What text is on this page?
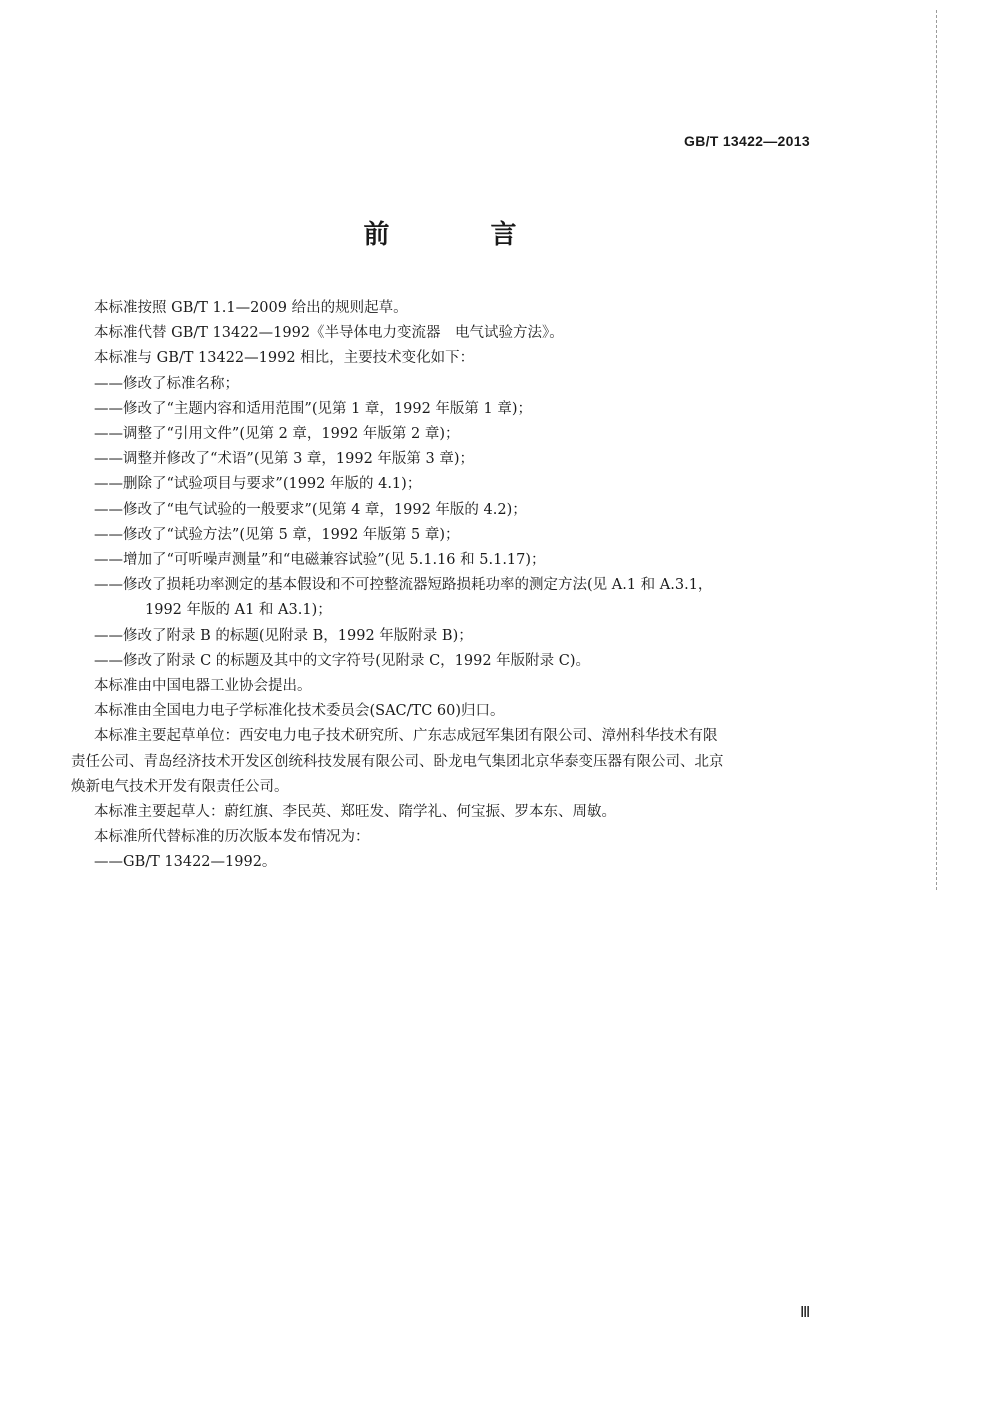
GB/T 13422—2013
前 言

本标准按照 GB/T 1.1—2009 给出的规则起草。

本标准代替 GB/T 13422—1992《半导体电力变流器　电气试验方法》。

本标准与 GB/T 13422—1992 相比，主要技术变化如下：

——修改了标准名称；

——修改了“主题内容和适用范围”(见第 1 章，1992 年版第 1 章)；

——调整了“引用文件”(见第 2 章，1992 年版第 2 章)；

——调整并修改了“术语”(见第 3 章，1992 年版第 3 章)；

——删除了“试验项目与要求”(1992 年版的 4.1)；

——修改了“电气试验的一般要求”(见第 4 章，1992 年版的 4.2)；

——修改了“试验方法”(见第 5 章，1992 年版第 5 章)；

——增加了“可听噪声测量”和“电磁兼容试验”(见 5.1.16 和 5.1.17)；

——修改了损耗功率测定的基本假设和不可控整流器短路损耗功率的测定方法(见 A.1 和 A.3.1，

1992 年版的 A1 和 A3.1)；

——修改了附录 B 的标题(见附录 B，1992 年版附录 B)；

——修改了附录 C 的标题及其中的文字符号(见附录 C，1992 年版附录 C)。

本标准由中国电器工业协会提出。

本标准由全国电力电子学标准化技术委员会(SAC/TC 60)归口。

本标准主要起草单位：西安电力电子技术研究所、广东志成冠军集团有限公司、漳州科华技术有限

责任公司、青岛经济技术开发区创统科技发展有限公司、卧龙电气集团北京华泰变压器有限公司、北京

焕新电气技术开发有限责任公司。

本标准主要起草人：蔚红旗、李民英、郑旺发、隋学礼、何宝振、罗本东、周敏。

本标准所代替标准的历次版本发布情况为：

——GB/T 13422—1992。

Ⅲ
